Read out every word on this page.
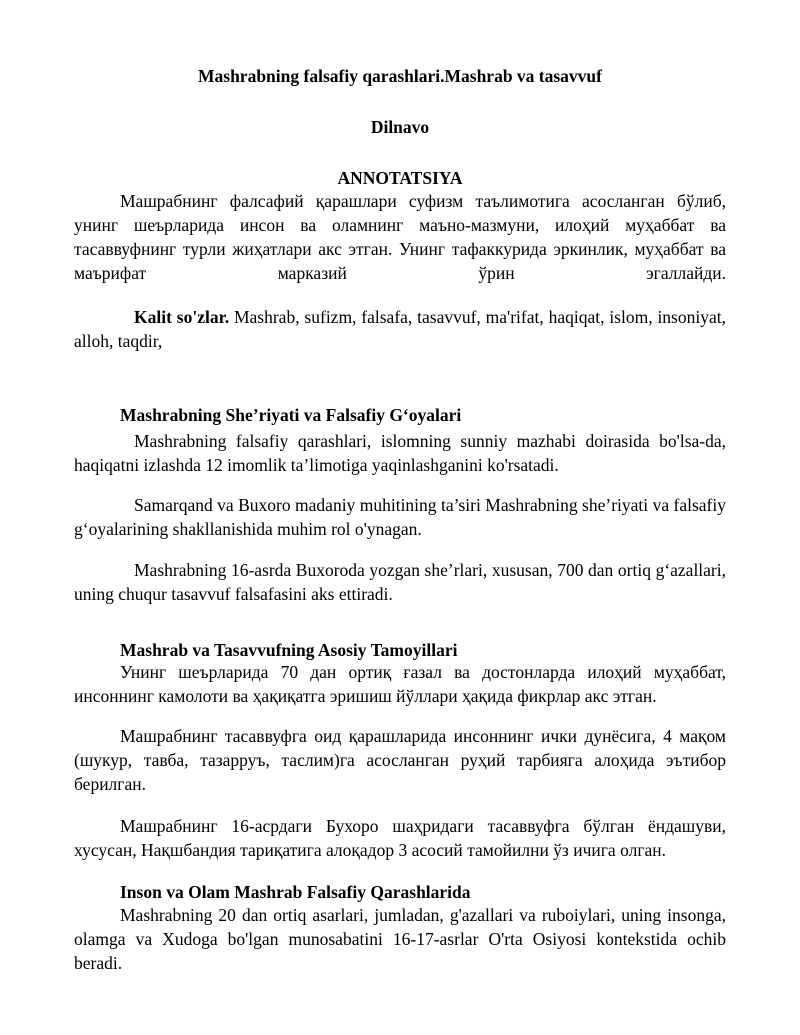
Mashrabning falsafiy qarashlari.Mashrab va tasavvuf
Dilnavo
ANNOTATSIYA
Машрабнинг фалсафий қарашлари суфизм таълимотига асосланган бўлиб, унинг шеърларида инсон ва оламнинг маъно-мазмуни, илоҳий муҳаббат ва тасаввуфнинг турли жиҳатлари акс этган. Унинг тафаккурида эркинлик, муҳаббат ва маърифат марказий ўрин эгаллайди.
Kalit so'zlar. Mashrab, sufizm, falsafa, tasavvuf, ma'rifat, haqiqat, islom, insoniyat, alloh, taqdir,
Mashrabning She’riyati va Falsafiy G‘oyalari
Mashrabning falsafiy qarashlari, islomning sunniy mazhabi doirasida bo'lsa-da, haqiqatni izlashda 12 imomlik ta’limotiga yaqinlashganini ko'rsatadi.
Samarqand va Buxoro madaniy muhitining ta’siri Mashrabning she’riyati va falsafiy g‘oyalarining shakllanishida muhim rol o'ynagan.
Mashrabning 16-asrda Buxoroda yozgan she’rlari, xususan, 700 dan ortiq g‘azallari, uning chuqur tasavvuf falsafasini aks ettiradi.
Mashrab va Tasavvufning Asosiy Tamoyillari
Унинг шеърларида 70 дан ортиқ ғазал ва достонларда илоҳий муҳаббат, инсоннинг камолоти ва ҳақиқатга эришиш йўллари ҳақида фикрлар акс этган.
Машрабнинг тасаввуфга оид қарашларида инсоннинг ички дунёсига, 4 мақом (шукур, тавба, тазарруъ, таслим)га асосланган руҳий тарбияга алоҳида эътибор берилган.
Машрабнинг 16-асрдаги Бухоро шаҳридаги тасаввуфга бўлган ёндашуви, хусусан, Нақшбандия тариқатига алоқадор 3 асосий тамойилни ўз ичига олган.
Inson va Olam Mashrab Falsafiy Qarashlarida
Mashrabning 20 dan ortiq asarlari, jumladan, g'azallari va ruboiylari, uning insonga, olamga va Xudoga bo'lgan munosabatini 16-17-asrlar O'rta Osiyosi kontekstida ochib beradi.
